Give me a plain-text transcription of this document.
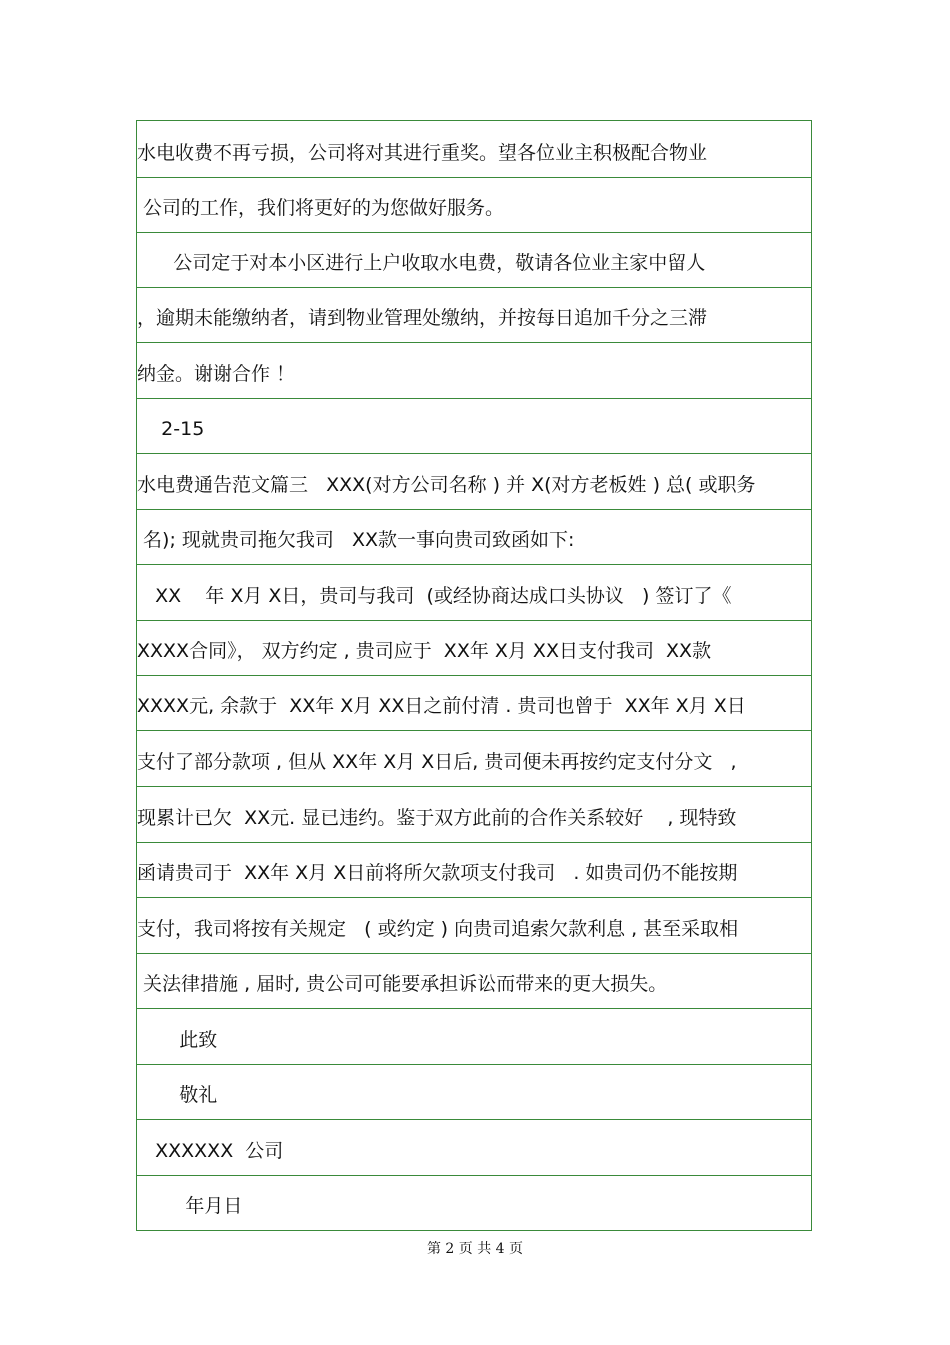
水电收费不再亏损，公司将对其进行重奖。望各位业主积极配合物业
公司的工作，我们将更好的为您做好服务。
公司定于对本小区进行上户收取水电费，敬请各位业主家中留人
，逾期未能缴纳者，请到物业管理处缴纳，并按每日追加千分之三滞
纳金。谢谢合作 ！
2-15
水电费通告范文篇三   XXX(对方公司名称 ) 并 X(对方老板姓 ) 总( 或职务
名); 现就贵司拖欠我司   XX款一事向贵司致函如下:
XX    年 X月 X日，贵司与我司  (或经协商达成口头协议   ) 签订了《
XXXX合同》， 双方约定 , 贵司应于  XX年 X月 XX日支付我司  XX款
XXXX元, 余款于  XX年 X月 XX日之前付清 . 贵司也曾于  XX年 X月 X日
支付了部分款项 , 但从 XX年 X月 X日后, 贵司便未再按约定支付分文   ,
现累计已欠  XX元. 显已违约。鉴于双方此前的合作关系较好    , 现特致
函请贵司于  XX年 X月 X日前将所欠款项支付我司   . 如贵司仍不能按期
支付，我司将按有关规定   ( 或约定 ) 向贵司追索欠款利息 , 甚至采取相
关法律措施 , 届时, 贵公司可能要承担诉讼而带来的更大损失。
此致
敬礼
XXXXXX  公司
年月日
第 2 页 共 4 页
